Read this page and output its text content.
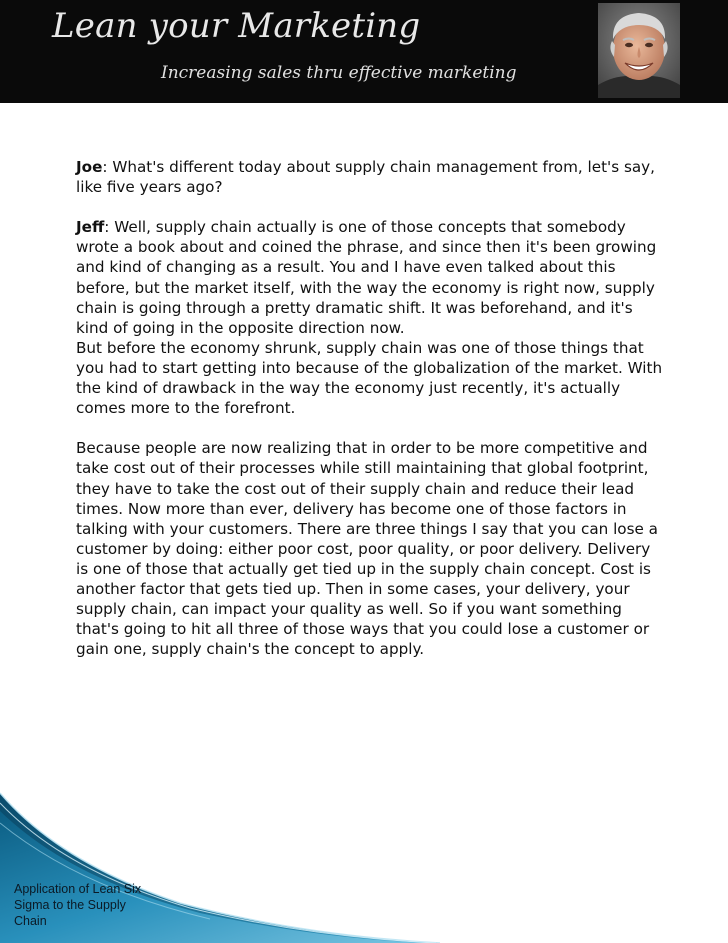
Lean your Marketing
Increasing sales thru effective marketing

Joe: What's different today about supply chain management from, let's say, like five years ago?

Jeff: Well, supply chain actually is one of those concepts that somebody wrote a book about and coined the phrase, and since then it's been growing and kind of changing as a result. You and I have even talked about this before, but the market itself, with the way the economy is right now, supply chain is going through a pretty dramatic shift. It was beforehand, and it's kind of going in the opposite direction now.

But before the economy shrunk, supply chain was one of those things that you had to start getting into because of the globalization of the market. With the kind of drawback in the way the economy just recently, it's actually comes more to the forefront.

Because people are now realizing that in order to be more competitive and take cost out of their processes while still maintaining that global footprint, they have to take the cost out of their supply chain and reduce their lead times. Now more than ever, delivery has become one of those factors in talking with your customers. There are three things I say that you can lose a customer by doing: either poor cost, poor quality, or poor delivery. Delivery is one of those that actually get tied up in the supply chain concept. Cost is another factor that gets tied up. Then in some cases, your delivery, your supply chain, can impact your quality as well. So if you want something that's going to hit all three of those ways that you could lose a customer or gain one, supply chain's the concept to apply.

Application of Lean Six Sigma to the Supply Chain
